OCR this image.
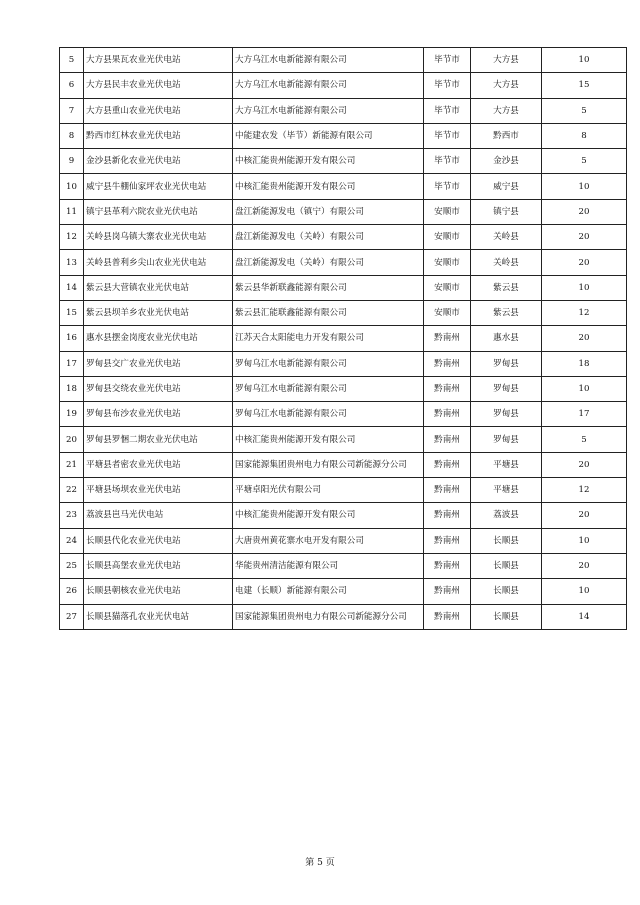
5	大方县果瓦农业光伏电站	大方乌江水电新能源有限公司	毕节市	大方县	10
6	大方县民丰农业光伏电站	大方乌江水电新能源有限公司	毕节市	大方县	15
7	大方县重山农业光伏电站	大方乌江水电新能源有限公司	毕节市	大方县	5
8	黔西市红林农业光伏电站	中能建农发（毕节）新能源有限公司	毕节市	黔西市	8
9	金沙县新化农业光伏电站	中核汇能贵州能源开发有限公司	毕节市	金沙县	5
10	威宁县牛棚仙家坪农业光伏电站	中核汇能贵州能源开发有限公司	毕节市	威宁县	10
11	镇宁县革利六院农业光伏电站	盘江新能源发电（镇宁）有限公司	安顺市	镇宁县	20
12	关岭县岗乌镇大寨农业光伏电站	盘江新能源发电（关岭）有限公司	安顺市	关岭县	20
13	关岭县普利乡尖山农业光伏电站	盘江新能源发电（关岭）有限公司	安顺市	关岭县	20
14	紫云县大营镇农业光伏电站	紫云县华新联鑫能源有限公司	安顺市	紫云县	10
15	紫云县坝羊乡农业光伏电站	紫云县汇能联鑫能源有限公司	安顺市	紫云县	12
16	惠水县摆金岗度农业光伏电站	江苏天合太阳能电力开发有限公司	黔南州	惠水县	20
17	罗甸县交广农业光伏电站	罗甸乌江水电新能源有限公司	黔南州	罗甸县	18
18	罗甸县交绕农业光伏电站	罗甸乌江水电新能源有限公司	黔南州	罗甸县	10
19	罗甸县布沙农业光伏电站	罗甸乌江水电新能源有限公司	黔南州	罗甸县	17
20	罗甸县罗悃二期农业光伏电站	中核汇能贵州能源开发有限公司	黔南州	罗甸县	5
21	平塘县者密农业光伏电站	国家能源集团贵州电力有限公司新能源分公司	黔南州	平塘县	20
22	平塘县场坝农业光伏电站	平塘卓阳光伏有限公司	黔南州	平塘县	12
23	荔波县岜马光伏电站	中核汇能贵州能源开发有限公司	黔南州	荔波县	20
24	长顺县代化农业光伏电站	大唐贵州黄花寨水电开发有限公司	黔南州	长顺县	10
25	长顺县高堡农业光伏电站	华能贵州清洁能源有限公司	黔南州	长顺县	20
26	长顺县朝核农业光伏电站	电建（长顺）新能源有限公司	黔南州	长顺县	10
27	长顺县猫落孔农业光伏电站	国家能源集团贵州电力有限公司新能源分公司	黔南州	长顺县	14
第 5 页
